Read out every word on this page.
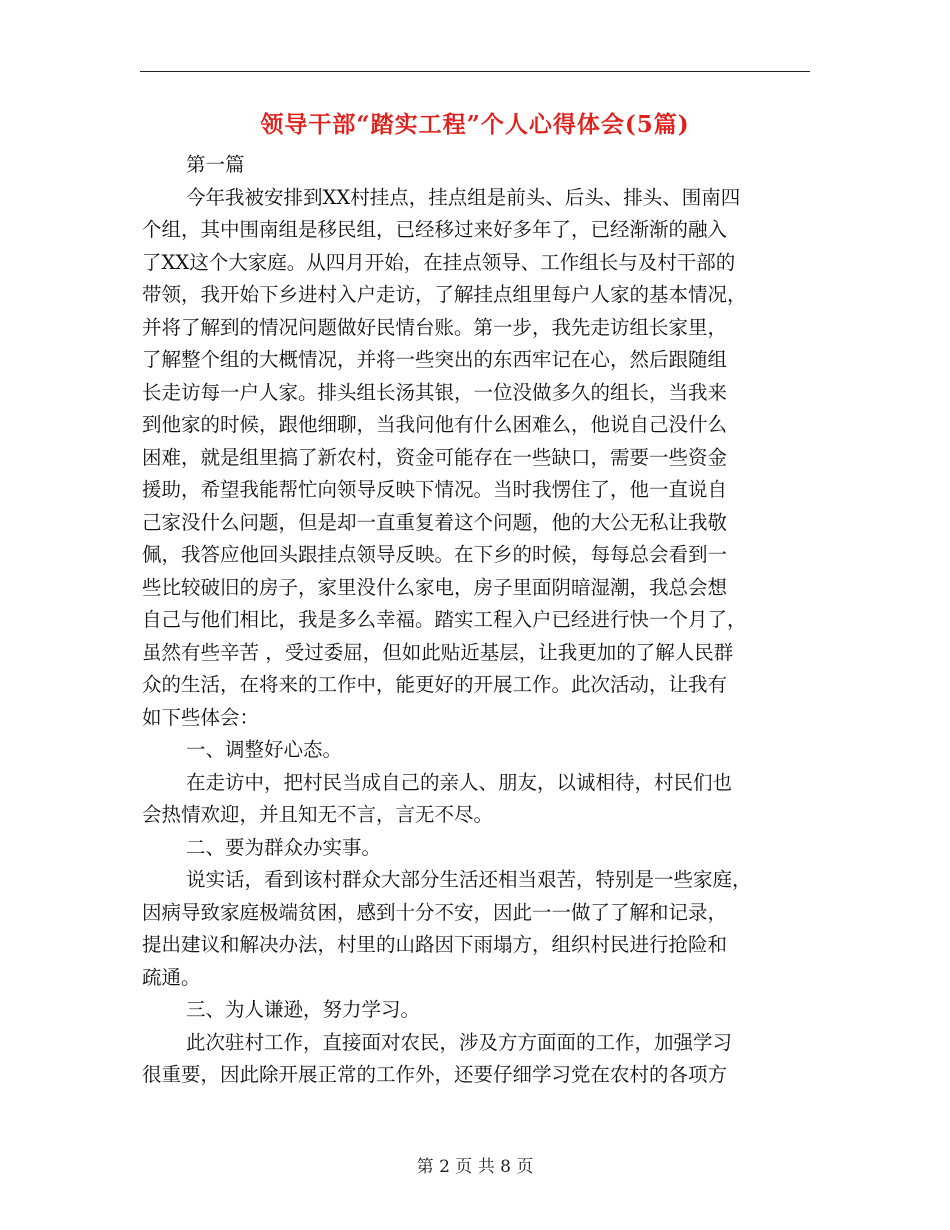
领导干部“踏实工程”个人心得体会(5篇)
第一篇
今年我被安排到XX村挂点，挂点组是前头、后头、排头、围南四
个组，其中围南组是移民组，已经移过来好多年了，已经渐渐的融入
了XX这个大家庭。从四月开始，在挂点领导、工作组长与及村干部的
带领，我开始下乡进村入户走访，了解挂点组里每户人家的基本情况，
并将了解到的情况问题做好民情台账。第一步，我先走访组长家里，
了解整个组的大概情况，并将一些突出的东西牢记在心，然后跟随组
长走访每一户人家。排头组长汤其银，一位没做多久的组长，当我来
到他家的时候，跟他细聊，当我问他有什么困难么，他说自己没什么
困难，就是组里搞了新农村，资金可能存在一些缺口，需要一些资金
援助，希望我能帮忙向领导反映下情况。当时我愣住了，他一直说自
己家没什么问题，但是却一直重复着这个问题，他的大公无私让我敬
佩，我答应他回头跟挂点领导反映。在下乡的时候，每每总会看到一
些比较破旧的房子，家里没什么家电，房子里面阴暗湿潮，我总会想
自己与他们相比，我是多么幸福。踏实工程入户已经进行快一个月了，
虽然有些辛苦 ，受过委屈，但如此贴近基层，让我更加的了解人民群
众的生活，在将来的工作中，能更好的开展工作。此次活动，让我有
如下些体会：
一、调整好心态。
在走访中，把村民当成自己的亲人、朋友，以诚相待，村民们也
会热情欢迎，并且知无不言，言无不尽。
二、要为群众办实事。
说实话，看到该村群众大部分生活还相当艰苦，特别是一些家庭，
因病导致家庭极端贫困，感到十分不安，因此一一做了了解和记录，
提出建议和解决办法，村里的山路因下雨塌方，组织村民进行抢险和
疏通。
三、为人谦逊，努力学习。
此次驻村工作，直接面对农民，涉及方方面面的工作，加强学习
很重要，因此除开展正常的工作外，还要仔细学习党在农村的各项方
第 2 页 共 8 页
